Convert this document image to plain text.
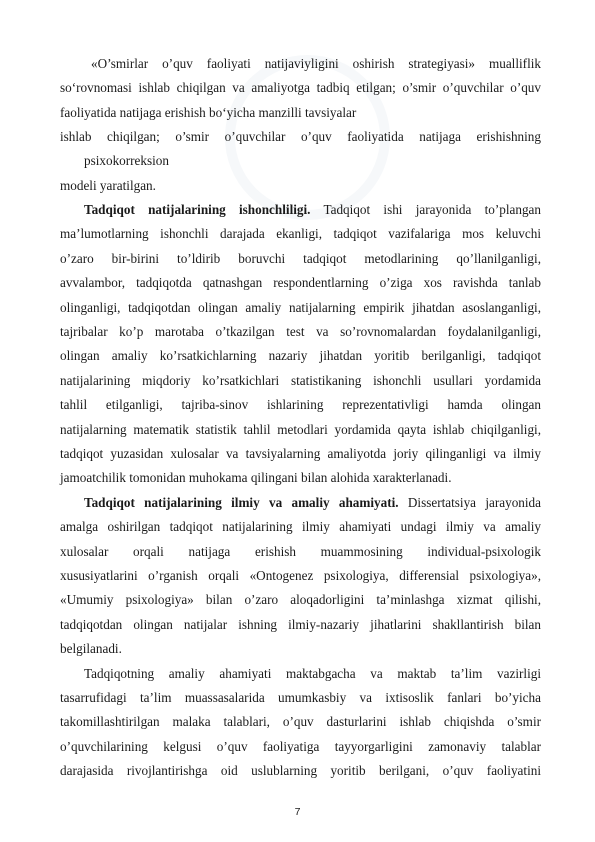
«O’smirlar o’quv faoliyati natijaviyligini oshirish strategiyasi» mualliflik
so‘rovnomasi ishlab chiqilgan va amaliyotga tadbiq etilgan; o’smir o’quvchilar o’quv
faoliyatida natijaga erishish bo‘yicha manzilli tavsiyalar
ishlab chiqilgan; o’smir o’quvchilar o’quv faoliyatida natijaga erishishning
psixokorreksion
modeli yaratilgan.
Tadqiqot natijalarining ishonchliligi. Tadqiqot ishi jarayonida to’plangan
ma’lumotlarning ishonchli darajada ekanligi, tadqiqot vazifalariga mos keluvchi
o’zaro bir-birini to’ldirib boruvchi tadqiqot metodlarining qo’llanilganligi,
avvalambor, tadqiqotda qatnashgan respondentlarning o’ziga xos ravishda tanlab
olinganligi, tadqiqotdan olingan amaliy natijalarning empirik jihatdan asoslanganligi,
tajribalar ko’p marotaba o’tkazilgan test va so’rovnomalardan foydalanilganligi,
olingan amaliy ko’rsatkichlarning nazariy jihatdan yoritib berilganligi, tadqiqot
natijalarining miqdoriy ko’rsatkichlari statistikaning ishonchli usullari yordamida
tahlil etilganligi, tajriba-sinov ishlarining reprezentativligi hamda olingan
natijalarning matematik statistik tahlil metodlari yordamida qayta ishlab chiqilganligi,
tadqiqot yuzasidan xulosalar va tavsiyalarning amaliyotda joriy qilinganligi va ilmiy
jamoatchilik tomonidan muhokama qilingani bilan alohida xarakterlanadi.
Tadqiqot natijalarining ilmiy va amaliy ahamiyati. Dissertatsiya jarayonida
amalga oshirilgan tadqiqot natijalarining ilmiy ahamiyati undagi ilmiy va amaliy
xulosalar orqali natijaga erishish muammosining individual-psixologik
xususiyatlarini o’rganish orqali «Ontogenez psixologiya, differensial psixologiya»,
«Umumiy psixologiya» bilan o’zaro aloqadorligini ta’minlashga xizmat qilishi,
tadqiqotdan olingan natijalar ishning ilmiy-nazariy jihatlarini shakllantirish bilan
belgilanadi.
Tadqiqotning amaliy ahamiyati maktabgacha va maktab ta’lim vazirligi
tasarrufidagi ta’lim muassasalarida umumkasbiy va ixtisoslik fanlari bo’yicha
takomillashtirilgan malaka talablari, o’quv dasturlarini ishlab chiqishda o’smir
o’quvchilarining kelgusi o’quv faoliyatiga tayyorgarligini zamonaviy talablar
darajasida rivojlantirishga oid uslublarning yoritib berilgani, o’quv faoliyatini
7
